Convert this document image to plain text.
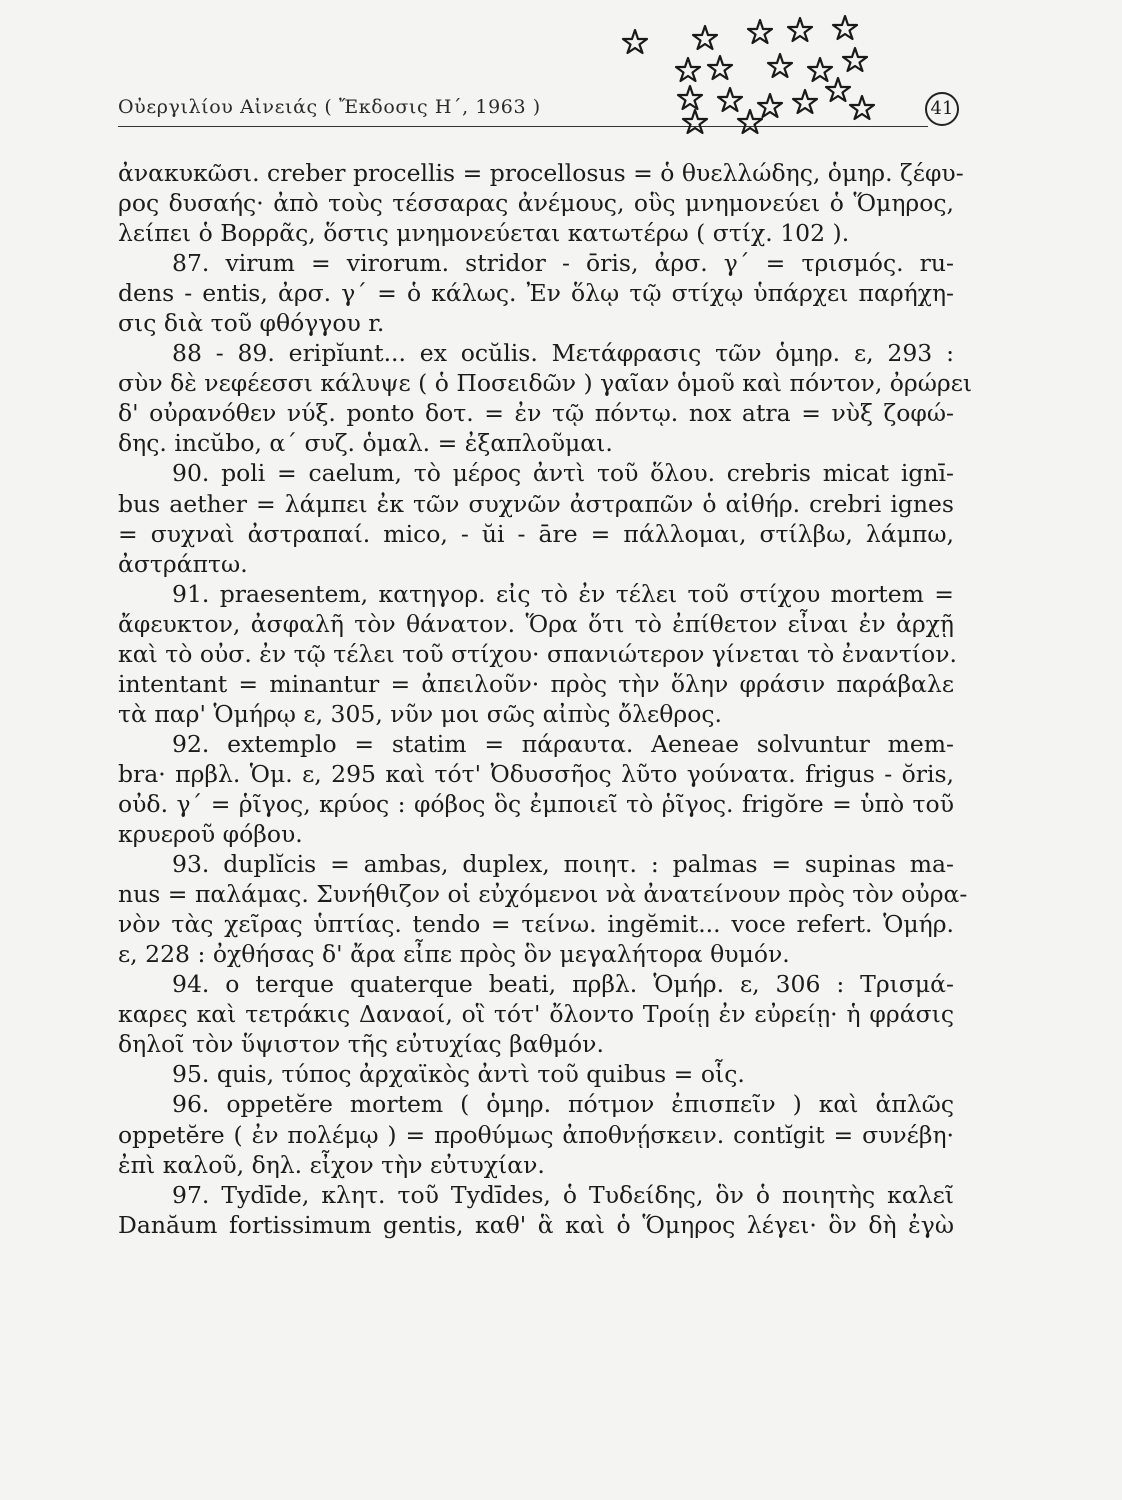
Οὐεργιλίου Αἰνειάς ( Ἔκδοσις Η΄, 1963 )	41
ἀνακυκῶσι. creber procellis = procellosus = ὁ θυελλώδης, ὁμηρ. ζέφυ-
ρος δυσαής· ἀπὸ τοὺς τέσσαρας ἀνέμους, οὓς μνημονεύει ὁ Ὅμηρος,
λείπει ὁ Βορρᾶς, ὅστις μνημονεύεται κατωτέρω ( στίχ. 102 ).
87. virum = virorum. stridor - ōris, ἀρσ. γ΄ = τρισμός. ru-
dens - entis, ἀρσ. γ΄ = ὁ κάλως. Ἐν ὅλῳ τῷ στίχῳ ὑπάρχει παρήχη-
σις διὰ τοῦ φθόγγου r.
88 - 89. eripĭunt... ex ocŭlis. Μετάφρασις τῶν ὁμηρ. ε, 293 :
σὺν δὲ νεφέεσσι κάλυψε ( ὁ Ποσειδῶν ) γαῖαν ὁμοῦ καὶ πόντον, ὀρώρει
δ' οὐρανόθεν νύξ. ponto δοτ. = ἐν τῷ πόντῳ. nox atra = νὺξ ζοφώ-
δης. incŭbo, α΄ συζ. ὁμαλ. = ἐξαπλοῦμαι.
90. poli = caelum, τὸ μέρος ἀντὶ τοῦ ὅλου. crebris micat ignī-
bus aether = λάμπει ἐκ τῶν συχνῶν ἀστραπῶν ὁ αἰθήρ. crebri ignes
= συχναὶ ἀστραπαί. mico, - ŭi - āre = πάλλομαι, στίλβω, λάμπω,
ἀστράπτω.
91. praesentem, κατηγορ. εἰς τὸ ἐν τέλει τοῦ στίχου mortem =
ἄφευκτον, ἀσφαλῆ τὸν θάνατον. Ὅρα ὅτι τὸ ἐπίθετον εἶναι ἐν ἀρχῇ
καὶ τὸ οὐσ. ἐν τῷ τέλει τοῦ στίχου· σπανιώτερον γίνεται τὸ ἐναντίον.
intentant = minantur = ἀπειλοῦν· πρὸς τὴν ὅλην φράσιν παράβαλε
τὰ παρ' Ὁμήρῳ ε, 305, νῦν μοι σῶς αἰπὺς ὄλεθρος.
92. extemplo = statim = πάραυτα. Aeneae solvuntur mem-
bra· πρβλ. Ὁμ. ε, 295 καὶ τότ' Ὀδυσσῆος λῦτο γούνατα. frigus - ŏris,
οὐδ. γ΄ = ῥῖγος, κρύος : φόβος ὃς ἐμποιεῖ τὸ ῥῖγος. frigŏre = ὑπὸ τοῦ
κρυεροῦ φόβου.
93. duplĭcis = ambas, duplex, ποιητ. : palmas = supinas ma-
nus = παλάμας. Συνήθιζον οἱ εὐχόμενοι νὰ ἀνατείνουν πρὸς τὸν οὐρα-
νὸν τὰς χεῖρας ὑπτίας. tendo = τείνω. ingĕmit... voce refert. Ὁμήρ.
ε, 228 : ὀχθήσας δ' ἄρα εἶπε πρὸς ὃν μεγαλήτορα θυμόν.
94. o terque quaterque beati, πρβλ. Ὁμήρ. ε, 306 : Τρισμά-
καρες καὶ τετράκις Δαναοί, οἳ τότ' ὄλοντο Τροίῃ ἐν εὐρείῃ· ἡ φράσις
δηλοῖ τὸν ὕψιστον τῆς εὐτυχίας βαθμόν.
95. quis, τύπος ἀρχαϊκὸς ἀντὶ τοῦ quibus = οἷς.
96. oppetĕre mortem ( ὁμηρ. πότμον ἐπισπεῖν ) καὶ ἁπλῶς
oppetĕre ( ἐν πολέμῳ ) = προθύμως ἀποθνῄσκειν. contĭgit = συνέβη·
ἐπὶ καλοῦ, δηλ. εἶχον τὴν εὐτυχίαν.
97. Tydīde, κλητ. τοῦ Tydīdes, ὁ Τυδείδης, ὃν ὁ ποιητὴς καλεῖ
Danăum fortissimum gentis, καθ' ἃ καὶ ὁ Ὅμηρος λέγει· ὃν δὴ ἐγὼ
